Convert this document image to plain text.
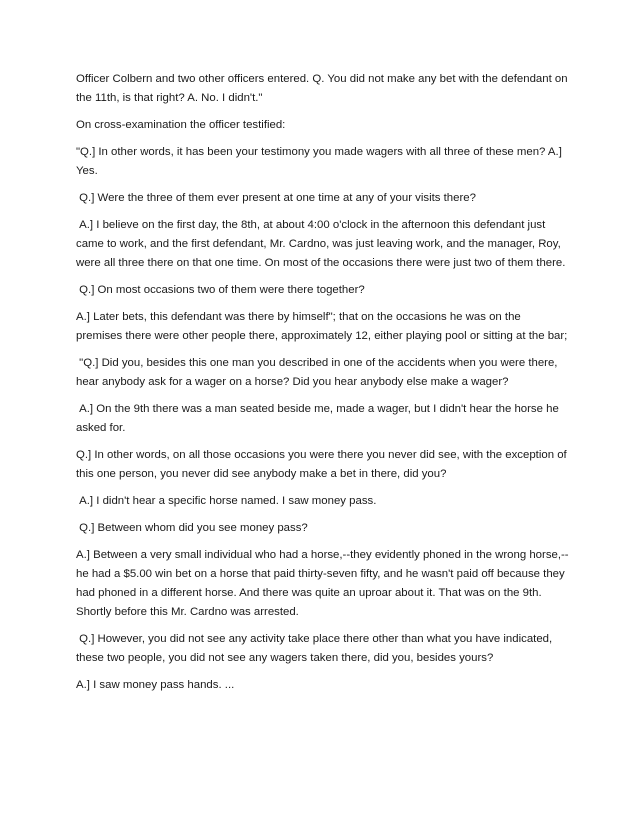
Officer Colbern and two other officers entered. Q. You did not make any bet with the defendant on the 11th, is that right? A. No. I didn't."

On cross-examination the officer testified:

"Q.] In other words, it has been your testimony you made wagers with all three of these men? A.] Yes.

Q.] Were the three of them ever present at one time at any of your visits there?

A.] I believe on the first day, the 8th, at about 4:00 o'clock in the afternoon this defendant just came to work, and the first defendant, Mr. Cardno, was just leaving work, and the manager, Roy, were all three there on that one time. On most of the occasions there were just two of them there.

Q.] On most occasions two of them were there together?

A.] Later bets, this defendant was there by himself"; that on the occasions he was on the premises there were other people there, approximately 12, either playing pool or sitting at the bar;

"Q.] Did you, besides this one man you described in one of the accidents when you were there, hear anybody ask for a wager on a horse? Did you hear anybody else make a wager?

A.] On the 9th there was a man seated beside me, made a wager, but I didn't hear the horse he asked for.

Q.] In other words, on all those occasions you were there you never did see, with the exception of this one person, you never did see anybody make a bet in there, did you?

A.] I didn't hear a specific horse named. I saw money pass.

Q.] Between whom did you see money pass?

A.] Between a very small individual who had a horse,--they evidently phoned in the wrong horse,--he had a $5.00 win bet on a horse that paid thirty-seven fifty, and he wasn't paid off because they had phoned in a different horse. And there was quite an uproar about it. That was on the 9th. Shortly before this Mr. Cardno was arrested.

Q.] However, you did not see any activity take place there other than what you have indicated, these two people, you did not see any wagers taken there, did you, besides yours?

A.] I saw money pass hands. ...
